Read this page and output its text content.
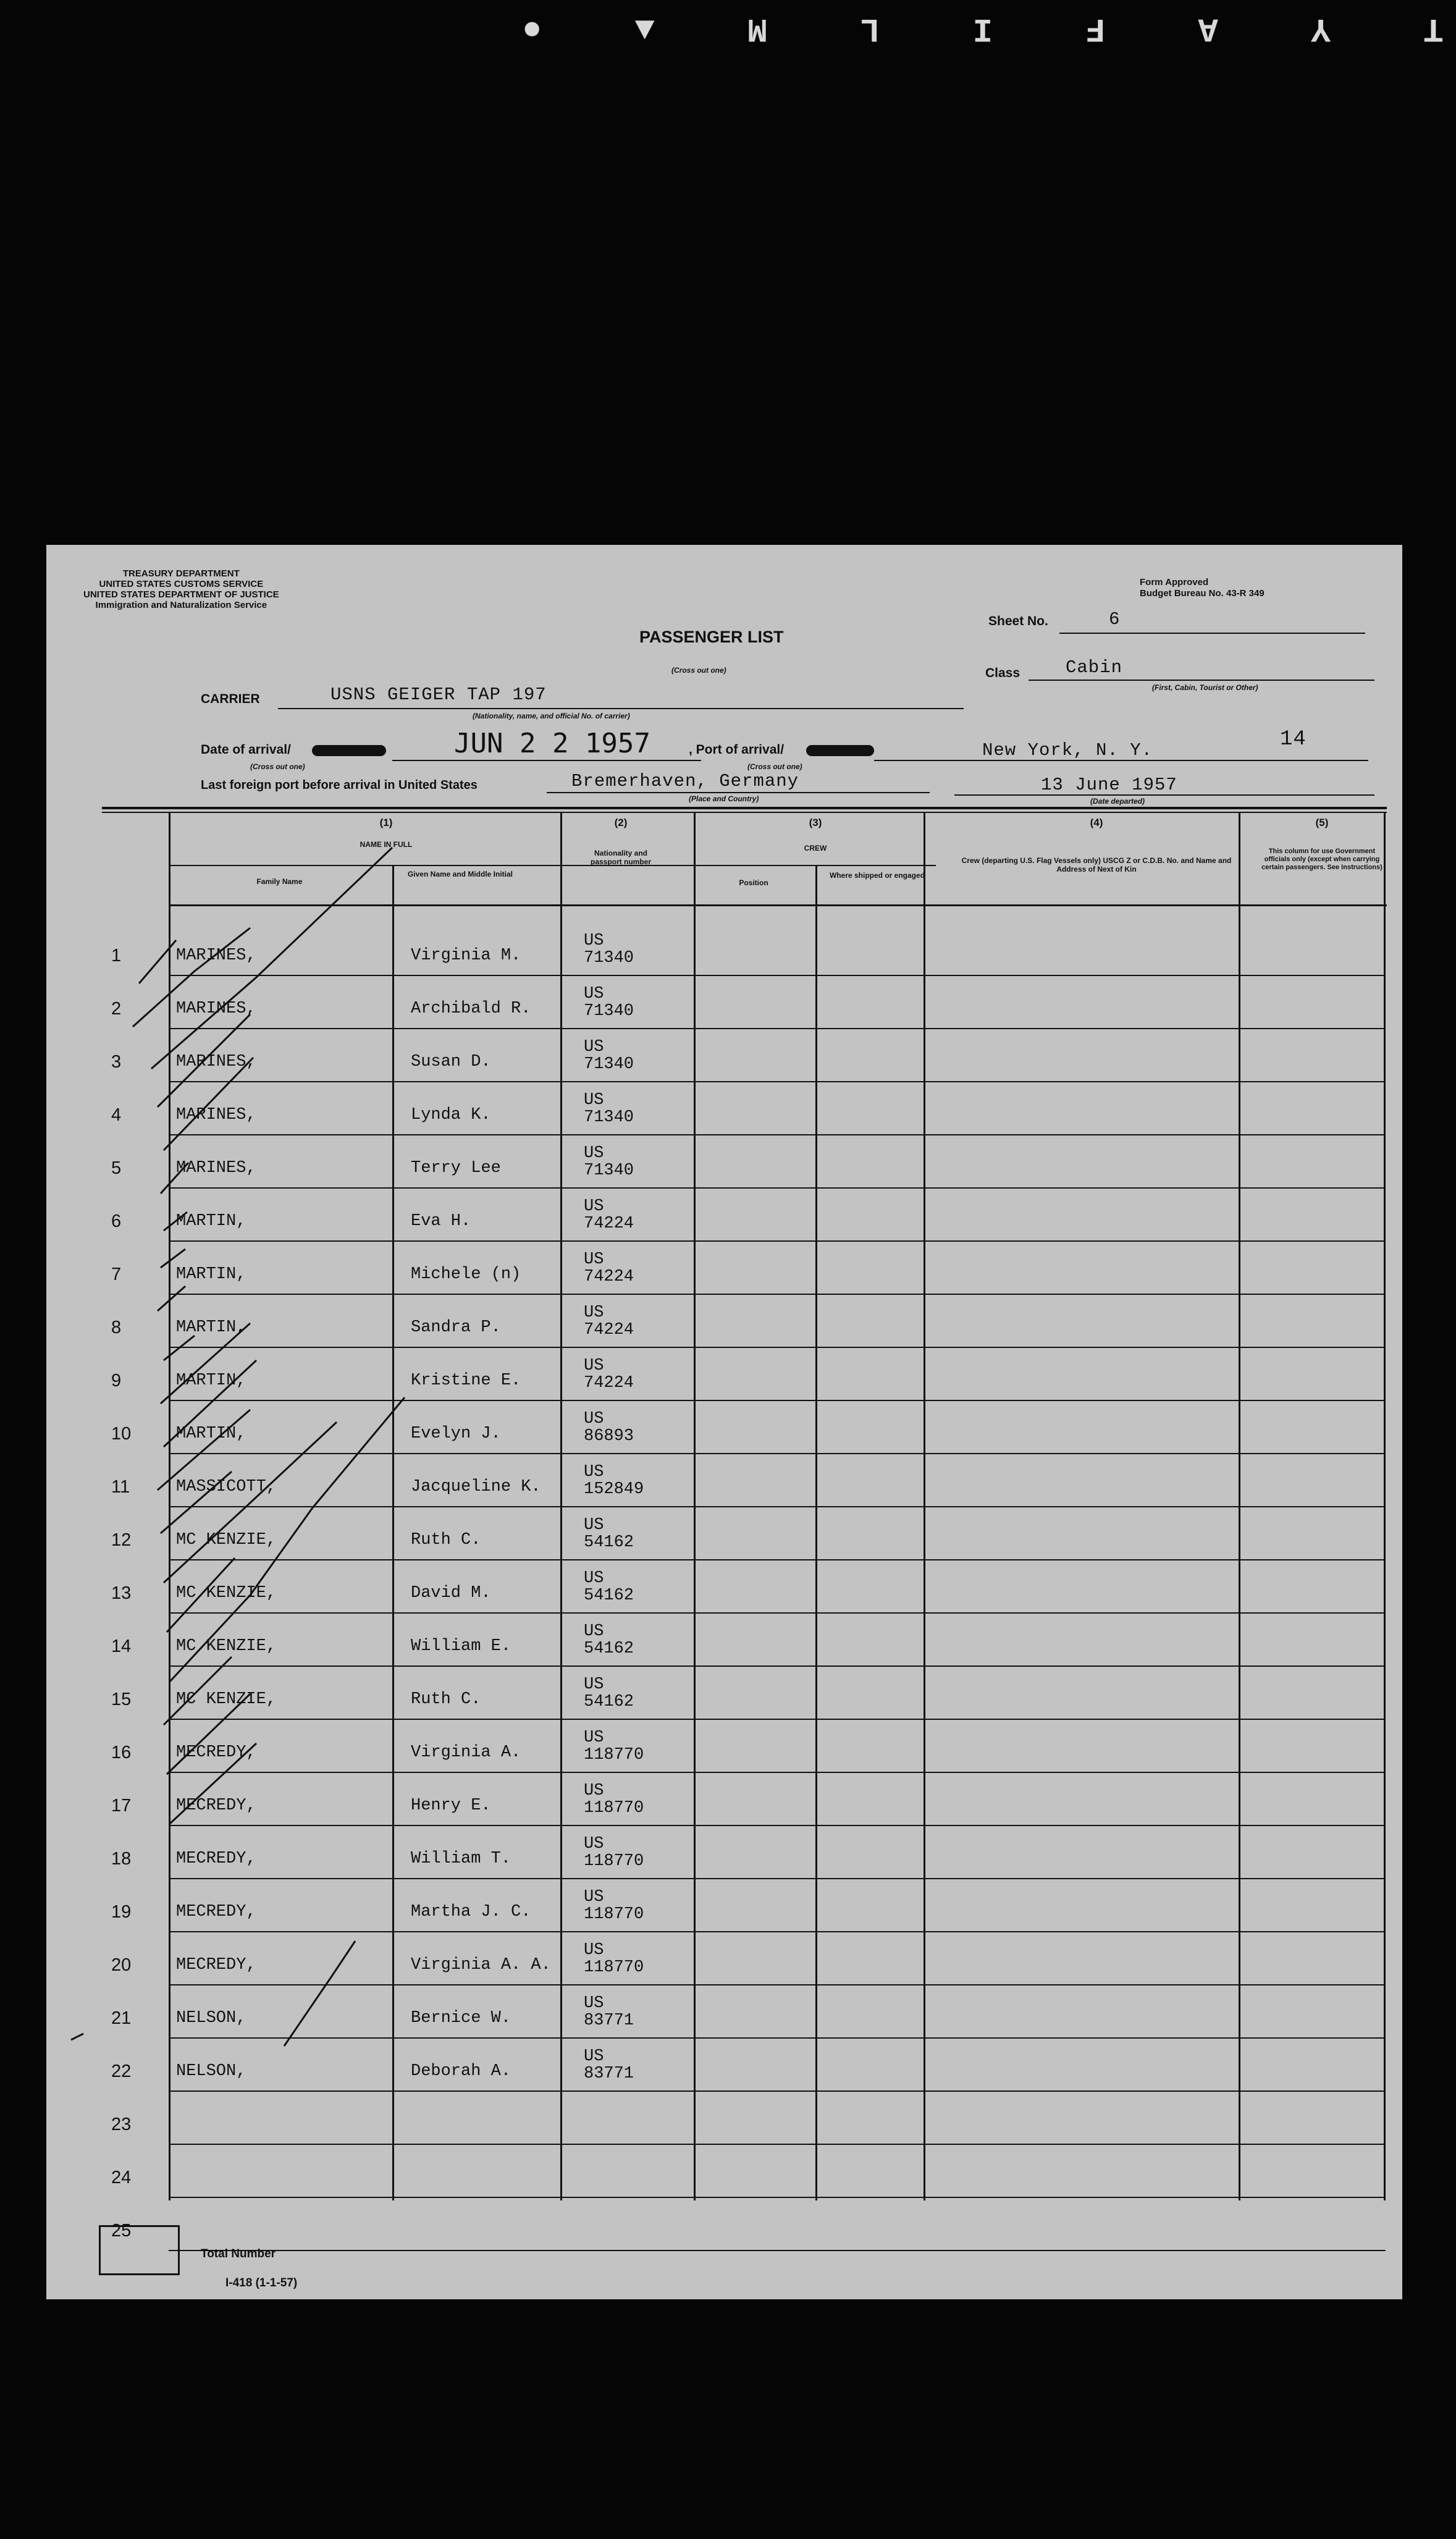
TYAFILM▲●
TREASURY DEPARTMENT
UNITED STATES CUSTOMS SERVICE
UNITED STATES DEPARTMENT OF JUSTICE
Immigration and Naturalization Service
Form Approved
Budget Bureau No. 43-R 349
PASSENGER LIST
(Cross out one)
Sheet No.	6
Class	Cabin
(First, Cabin, Tourist or Other)
CARRIER	USNS GEIGER TAP 197
(Nationality, name, and official No. of carrier)
Date of arrival/	JUN 2 2 1957
(Cross out one)
, Port of arrival/
(Cross out one)
New York, N. Y.	14
Last foreign port before arrival in United States	Bremerhaven, Germany
(Place and Country)
13 June 1957
(Date departed)
(1)
NAME IN FULL
Family Name
Given Name and Middle Initial
(2)
Nationality and passport number
(3)
CREW
Position
Where shipped or engaged
(4)
Crew (departing U.S. Flag Vessels only) USCG Z or C.D.B. No. and Name and Address of Next of Kin
(5)
This column for use Government officials only (except when carrying certain passengers. See Instructions)
1	MARINES,	Virginia M.
US
71340
2	MARINES,	Archibald R.
US
71340
3	MARINES,	Susan D.
US
71340
4	MARINES,	Lynda K.
US
71340
5	MARINES,	Terry Lee
US
71340
6	MARTIN,	Eva H.
US
74224
7	MARTIN,	Michele (n)
US
74224
8	MARTIN,	Sandra P.
US
74224
9	MARTIN,	Kristine E.
US
74224
10	MARTIN,	Evelyn J.
US
86893
11	MASSICOTT,	Jacqueline K.
US
152849
12	MC KENZIE,	Ruth C.
US
54162
13	MC KENZIE,	David M.
US
54162
14	MC KENZIE,	William E.
US
54162
15	MC KENZIE,	Ruth C.
US
54162
16	MECREDY,	Virginia A.
US
118770
17	MECREDY,	Henry E.
US
118770
18	MECREDY,	William T.
US
118770
19	MECREDY,	Martha J. C.
US
118770
20	MECREDY,	Virginia A. A.
US
118770
21	NELSON,	Bernice W.
US
83771
22	NELSON,	Deborah A.
US
83771
23
24
25
Total Number
I-418 (1-1-57)
